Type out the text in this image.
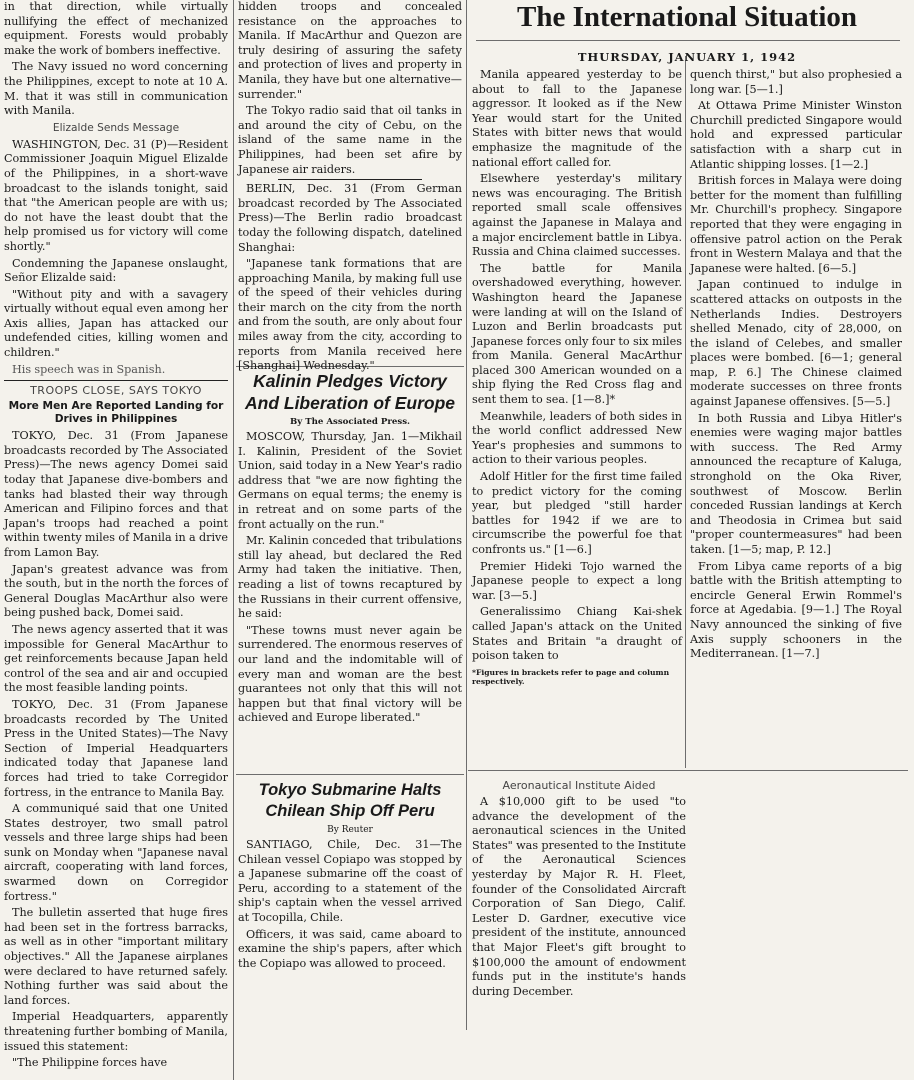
in that direction, while virtually nullifying the effect of mechanized equipment. Forests would probably make the work of bombers ineffective.

The Navy issued no word concerning the Philippines, except to note at 10 A. M. that it was still in communication with Manila.

Elizalde Sends Message

WASHINGTON, Dec. 31 (P)—Resident Commissioner Joaquin Miguel Elizalde of the Philippines, in a short-wave broadcast to the islands tonight, said that "the American people are with us; do not have the least doubt that the help promised us for victory will come shortly."

Condemning the Japanese onslaught, Señor Elizalde said:

"Without pity and with a savagery virtually without equal even among her Axis allies, Japan has attacked our undefended cities, killing women and children."

His speech was in Spanish.

TROOPS CLOSE, SAYS TOKYO
More Men Are Reported Landing for Drives in Philippines

TOKYO, Dec. 31 (From Japanese broadcasts recorded by The Associated Press)—The news agency Domei said today that Japanese dive-bombers and tanks had blasted their way through American and Filipino forces and that Japan's troops had reached a point within twenty miles of Manila in a drive from Lamon Bay.

Japan's greatest advance was from the south, but in the north the forces of General Douglas MacArthur also were being pushed back, Domei said.

The news agency asserted that it was impossible for General MacArthur to get reinforcements because Japan held control of the sea and air and occupied the most feasible landing points.

TOKYO, Dec. 31 (From Japanese broadcasts recorded by The United Press in the United States)—The Navy Section of Imperial Headquarters indicated today that Japanese land forces had tried to take Corregidor fortress, in the entrance to Manila Bay.

A communiqué said that one United States destroyer, two small patrol vessels and three large ships had been sunk on Monday when "Japanese naval aircraft, cooperating with land forces, swarmed down on Corregidor fortress."

The bulletin asserted that huge fires had been set in the fortress barracks, as well as in other "important military objectives." All the Japanese airplanes were declared to have returned safely. Nothing further was said about the land forces.

Imperial Headquarters, apparently threatening further bombing of Manila, issued this statement:

"The Philippine forces have

hidden troops and concealed resistance on the approaches to Manila. If MacArthur and Quezon are truly desiring of assuring the safety and protection of lives and property in Manila, they have but one alternative—surrender."

The Tokyo radio said that oil tanks in and around the city of Cebu, on the island of the same name in the Philippines, had been set afire by Japanese air raiders.

BERLIN, Dec. 31 (From German broadcast recorded by The Associated Press)—The Berlin radio broadcast today the following dispatch, datelined Shanghai:

"Japanese tank formations that are approaching Manila, by making full use of the speed of their vehicles during their march on the city from the north and from the south, are only about four miles away from the city, according to reports from Manila received here [Shanghai] Wednesday."

Kalinin Pledges Victory And Liberation of Europe
By The Associated Press.

MOSCOW, Thursday, Jan. 1—Mikhail I. Kalinin, President of the Soviet Union, said today in a New Year's radio address that "we are now fighting the Germans on equal terms; the enemy is in retreat and on some parts of the front actually on the run."

Mr. Kalinin conceded that tribulations still lay ahead, but declared the Red Army had taken the initiative. Then, reading a list of towns recaptured by the Russians in their current offensive, he said:

"These towns must never again be surrendered. The enormous reserves of our land and the indomitable will of every man and woman are the best guarantees not only that this will not happen but that final victory will be achieved and Europe liberated."

Tokyo Submarine Halts Chilean Ship Off Peru
By Reuter

SANTIAGO, Chile, Dec. 31—The Chilean vessel Copiapo was stopped by a Japanese submarine off the coast of Peru, according to a statement of the ship's captain when the vessel arrived at Tocopilla, Chile.

Officers, it was said, came aboard to examine the ship's papers, after which the Copiapo was allowed to proceed.

The International Situation
THURSDAY, JANUARY 1, 1942

Manila appeared yesterday to be about to fall to the Japanese aggressor. It looked as if the New Year would start for the United States with bitter news that would emphasize the magnitude of the national effort called for.

Elsewhere yesterday's military news was encouraging. The British reported small scale offensives against the Japanese in Malaya and a major encirclement battle in Libya. Russia and China claimed successes.

The battle for Manila overshadowed everything, however. Washington heard the Japanese were landing at will on the Island of Luzon and Berlin broadcasts put Japanese forces only four to six miles from Manila. General MacArthur placed 300 American wounded on a ship flying the Red Cross flag and sent them to sea. [1—8.]*

Meanwhile, leaders of both sides in the world conflict addressed New Year's prophesies and summons to action to their various peoples.

Adolf Hitler for the first time failed to predict victory for the coming year, but pledged "still harder battles for 1942 if we are to circumscribe the powerful foe that confronts us." [1—6.]

Premier Hideki Tojo warned the Japanese people to expect a long war. [3—5.]

Generalissimo Chiang Kai-shek called Japan's attack on the United States and Britain "a draught of poison taken to

*Figures in brackets refer to page and column respectively.

quench thirst," but also prophesied a long war. [5—1.]

At Ottawa Prime Minister Winston Churchill predicted Singapore would hold and expressed particular satisfaction with a sharp cut in Atlantic shipping losses. [1—2.]

British forces in Malaya were doing better for the moment than fulfilling Mr. Churchill's prophecy. Singapore reported that they were engaging in offensive patrol action on the Perak front in Western Malaya and that the Japanese were halted. [6—5.]

Japan continued to indulge in scattered attacks on outposts in the Netherlands Indies. Destroyers shelled Menado, city of 28,000, on the island of Celebes, and smaller places were bombed. [6—1; general map, P. 6.] The Chinese claimed moderate successes on three fronts against Japanese offensives. [5—5.]

In both Russia and Libya Hitler's enemies were waging major battles with success. The Red Army announced the recapture of Kaluga, stronghold on the Oka River, southwest of Moscow. Berlin conceded Russian landings at Kerch and Theodosia in Crimea but said "proper countermeasures" had been taken. [1—5; map, P. 12.]

From Libya came reports of a big battle with the British attempting to encircle General Erwin Rommel's force at Agedabia. [9—1.] The Royal Navy announced the sinking of five Axis supply schooners in the Mediterranean. [1—7.]

Aeronautical Institute Aided

A $10,000 gift to be used "to advance the development of the aeronautical sciences in the United States" was presented to the Institute of the Aeronautical Sciences yesterday by Major R. H. Fleet, founder of the Consolidated Aircraft Corporation of San Diego, Calif. Lester D. Gardner, executive vice president of the institute, announced that Major Fleet's gift brought to $100,000 the amount of endowment funds put in the institute's hands during December.
